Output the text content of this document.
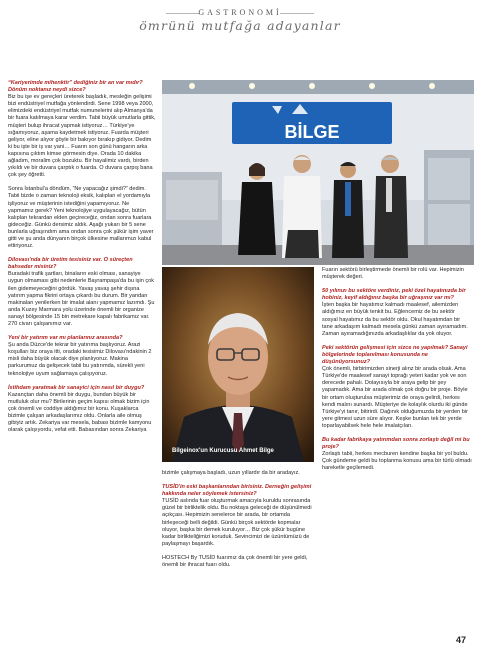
GASTRONOMİ
ömrünü mutfağa adayanlar

“Kariyerimde mihenktir” dediğiniz bir an var mıdır? Dönüm noktanız neydi sizce?

Biz bu işe ev gereçleri üreterek başladık, mesleğin gelişimi bizi endüstriyel mutfağa yönlendirdi. Sene 1998 veya 2000, elimizdeki endüstriyel mutfak numunelerini alıp Almanya'da bir fuara katılmaya karar verdim. Tabii büyük umutlarla gittik, müşteri bulup ihracat yapmak istiyoruz… Türkiye'ye sığamıyoruz, aşama kaydetmek istiyoruz. Fuarda müşteri geliyor, eline alıyor göyle bir bakıyor bırakıp gidiyor. Dedim ki bu işte bir iş var yani… Fuarın son günü hangarın arka kapısına çıktım kimse görmesin diye. Orada 10 dakika ağladım, moralim çok bozuktu. Bir hayalimiz vardı, birden yıkıldı ve bir duvara çarptık o fuarda. O duvara çarpış bana çok şey öğretti.

Sonra İstanbul'a döndüm, “Ne yapacağız şimdi?” dedim. Tabii bizde o zaman teknoloji eksik, kalıpları el yordamıyla işliyoruz ve müşterinin istediğini yapamıyoruz. Ne yapmamız gerek? Yeni teknolojiye uygulayacağız, bütün kalıpları tekrardan elden geçireceğiz, ondan sonra fuarlara gideceğiz. Günkü dersimiz aldık. Aşağı yukarı bir 5 sene bunlarla uğraşındım ama ondan sonra çok şükür işim yaver gitti ve şu anda dünyanın birçok ülkesine mallarımızı kabul ettiriyoruz.

Dilovası'nda bir üretim tesisiniz var. O süreçten bahseder misiniz?

Buradaki trafik şartları, binaların eski olması, sanayiye uygun olmaması gibi nedenlerle Bayrampaşa'da bu işin çok ilen gidemeyeceğini gördük. Yavaş yavaş şehir dışına yatırım yapma fikrini ortaya çıkardı bu durum. Bir yandan makinaları yenilerken bir imalat alanı yapmamız lazımdı. Şu anda Kuzey Marmara yolu üzerinde önemli bir organize sanayi bölgesinde 15 bin metrekare kapalı fabrikamız var. 270 civarı çalışanımız var.

Yeni bir yatırım var mı planlarınız arasında?

Şu anda Düzce'de tekrar bir yatırıma başlıyoruz. Arazi koşulları biz oraya itti, oradaki tesisimiz Dilovası'ndakinin 2 misli daha büyük olacak diye planlıyoruz. Makina parkurumuz da gelişecek tabii bu yatırımda, sürekli yeni teknolojiye uyum sağlamaya çalışıyoruz.

İstihdam yaratmak bir sanayici için nasıl bir duygu?

Kazançtan daha önemli bir duygu, bundan büyük bir mutluluk olur mu? Birilerinin geçim kapısı olmak bizim için çok önemli ve coddiye aldığımız bir konu. Kuşaklarca bizimle çalışan arkadaşlarımız oldu. Onlarla aile olmuş gibiyiz artık. Zekariya var mesela, babası bizimle kamyonu olarak çalışıyordu, vefat etti. Babasından sonra Zekariya

BİLGE

Fuarın sektörü birleştirmede önemli bir rolü var. Hepimizin müşterek değeri.

50 yılınızı bu sektöre verdiniz, peki özel hayatınızda bir hobiniz, keyif aldığınız başka bir uğraşınız var mı?

İşten başka bir hayatımız kalmadı maalesef, ailemizden aldığımız en büyük tenkit bu. Eğlencemiz de bu sektör sosyal hayatımız da bu sektör oldu. Okul hayatımdan bir tane arkadaşım kalmadı mesela günkü zaman ayıramadım. Zaman ayıramadığınızda arkadaşlıklar da yok oluyor.

Peki sektörün gelişmesi için sizce ne yapılmalı? Sanayi bölgelerinde toplanılması konusunda ne düşünüyorsunuz?

Çok önemli, birbirimizden sinerji alınz bir arada olsak. Ama Türkiye'de maalesef sanayi toprağı yeteri kadar yok ve son derecede pahalı. Dolayısıyla bir araya gelip bir şey yapamadık. Ama bir arada olmak çok doğru bir proje. Böyle bir ortam oluşturulsa müşterimiz de oraya gelirdi, herkes kendi malını sunardı. Müşteriye de kolaylık olurdu iki günde Türkiye'yi tanır, bitirirdi. Dağınık olduğumuzda bir yerden bir yere gitmesi uzun süre alıyor. Keşke bunları tek bir yerde toparlayabilsek hele hele imalatçıları.

Bu kadar fabrikaya yatırımdan sonra zorlaştı değil mi bu proje?

Zorlaştı tabii, herkes mecburen kendine başka bir yol buldu. Çok gündeme geldi bu toplanma konusu ama bir türlü olmadı hareketle geçilemedi.

Bilgeinox'un Kurucusu Ahmet Bilge

bizimle çalışmaya başladı, uzun yıllardır da bir aradayız.

TUSİD'in eski başkanlarından birisiniz. Derneğin gelişimi hakkında neler söylemek istersiniz?

TUSİD aslında fuar oluşturmak amacıyla kuruldu sonrasında güzel bir birliktelik oldu. Bu noktaya geleceği de düşünülmedi açıkçası. Hepimizin senelerce bir arada, bir ortamda birleşeceği belli değildi. Günkü birçok sektörde kopmalar oluyor, başka bir demek kuruluyor… Biz çok şükür bugüne kadar birlikteliğimizi koruduk. Sevincimizi de üzüntümüzü de paylaşmayı başardık.

HOSTECH By TUSİD fuarımız da çok önemli bir yere geldi, önemli bir ihracat fuarı oldu.

47
